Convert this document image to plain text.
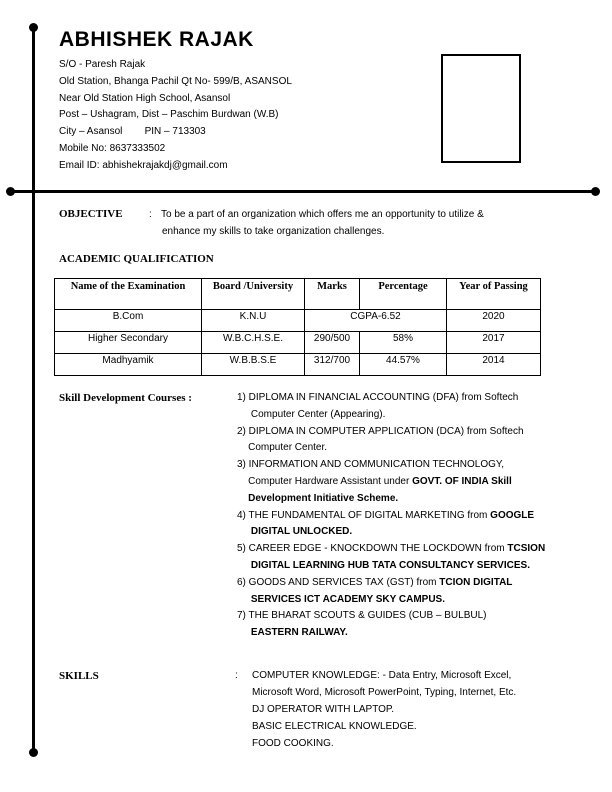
ABHISHEK RAJAK
S/O - Paresh Rajak
Old Station, Bhanga Pachil Qt No- 599/B, ASANSOL
Near Old Station High School, Asansol
Post – Ushagram, Dist – Paschim Burdwan (W.B)
City – Asansol        PIN – 713303
Mobile No: 8637333502
Email ID: abhishekrajakdj@gmail.com
OBJECTIVE	: To be a part of an organization which offers me an opportunity to utilize &
enhance my skills to take organization challenges.
ACADEMIC QUALIFICATION
Name of the Examination	Board /University	Marks	Percentage	Year of Passing
B.Com	K.N.U	CGPA-6.52		2020
Higher Secondary	W.B.C.H.S.E.	290/500	58%	2017
Madhyamik	W.B.B.S.E	312/700	44.57%	2014
Skill Development Courses :	1) DIPLOMA IN FINANCIAL ACCOUNTING (DFA) from Softech
Computer Center (Appearing).
2) DIPLOMA IN COMPUTER APPLICATION (DCA) from Softech
Computer Center.
3) INFORMATION AND COMMUNICATION TECHNOLOGY,
Computer Hardware Assistant under GOVT. OF INDIA Skill
Development Initiative Scheme.
4) THE FUNDAMENTAL OF DIGITAL MARKETING from GOOGLE
DIGITAL UNLOCKED.
5) CAREER EDGE - KNOCKDOWN THE LOCKDOWN from TCSION
DIGITAL LEARNING HUB TATA CONSULTANCY SERVICES.
6) GOODS AND SERVICES TAX (GST) from TCION DIGITAL
SERVICES ICT ACADEMY SKY CAMPUS.
7) THE BHARAT SCOUTS & GUIDES (CUB – BULBUL)
EASTERN RAILWAY.
SKILLS	: COMPUTER KNOWLEDGE: - Data Entry, Microsoft Excel,
Microsoft Word, Microsoft PowerPoint, Typing, Internet, Etc.
DJ OPERATOR WITH LAPTOP.
BASIC ELECTRICAL KNOWLEDGE.
FOOD COOKING.
